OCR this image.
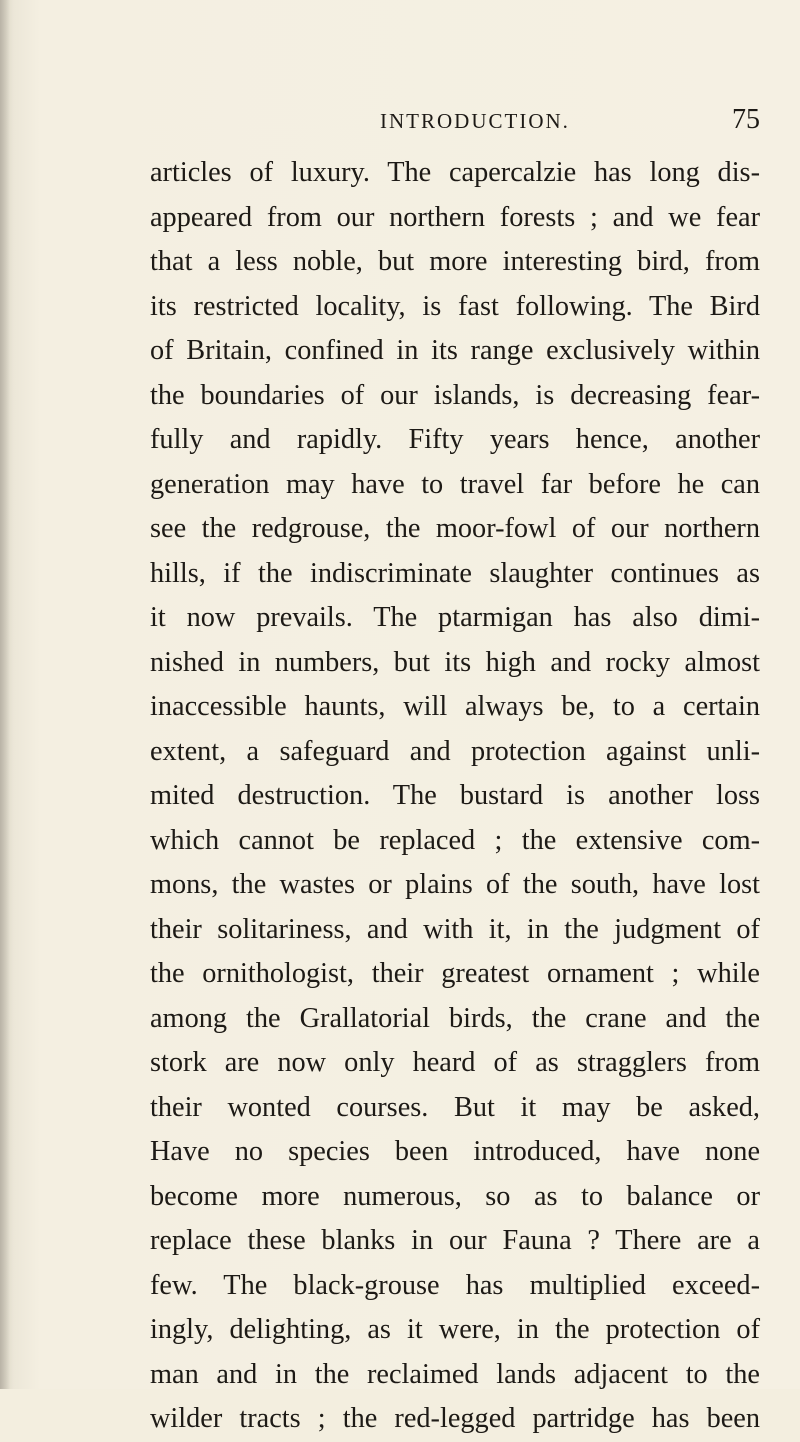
INTRODUCTION.	75
articles of luxury. The capercalzie has long dis-
appeared from our northern forests ; and we fear
that a less noble, but more interesting bird, from
its restricted locality, is fast following. The Bird
of Britain, confined in its range exclusively within
the boundaries of our islands, is decreasing fear-
fully and rapidly. Fifty years hence, another
generation may have to travel far before he can
see the redgrouse, the moor-fowl of our northern
hills, if the indiscriminate slaughter continues as
it now prevails. The ptarmigan has also dimi-
nished in numbers, but its high and rocky almost
inaccessible haunts, will always be, to a certain
extent, a safeguard and protection against unli-
mited destruction. The bustard is another loss
which cannot be replaced ; the extensive com-
mons, the wastes or plains of the south, have lost
their solitariness, and with it, in the judgment of
the ornithologist, their greatest ornament ; while
among the Grallatorial birds, the crane and the
stork are now only heard of as stragglers from
their wonted courses. But it may be asked,
Have no species been introduced, have none
become more numerous, so as to balance or
replace these blanks in our Fauna ? There are a
few. The black-grouse has multiplied exceed-
ingly, delighting, as it were, in the protection of
man and in the reclaimed lands adjacent to the
wilder tracts ; the red-legged partridge has been
